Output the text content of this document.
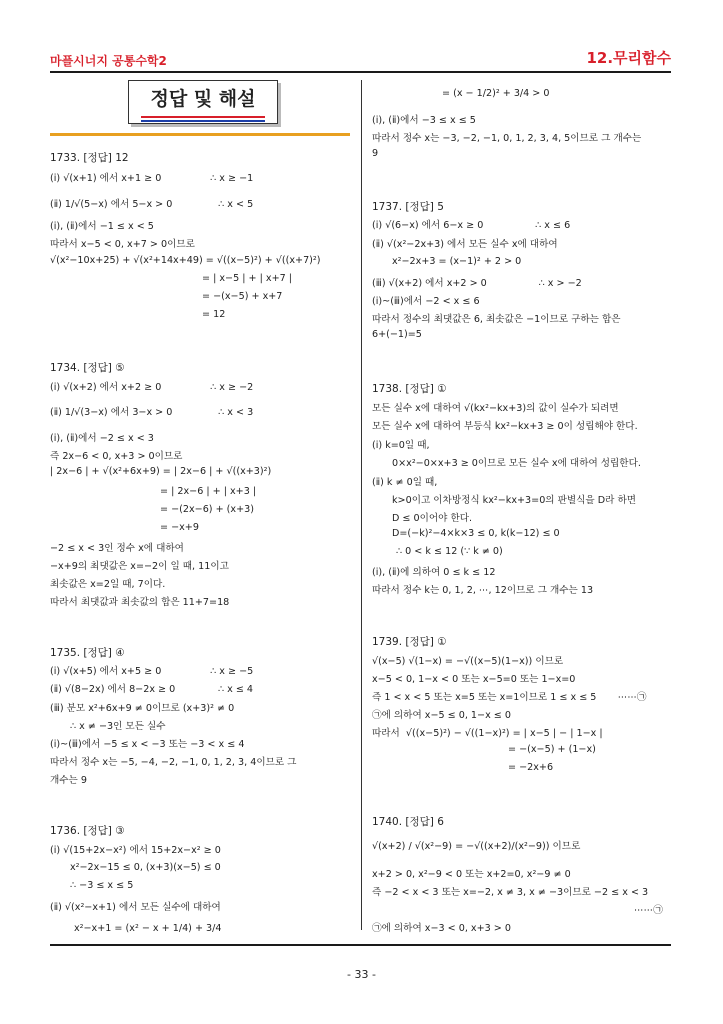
마플시너지 공통수학2	12.무리함수
정답 및 해설
1733. [정답] 12
(ⅰ) √(x+1) 에서 x+1 ≥ 0                ∴ x ≥ −1
(ⅱ) 1/√(5−x) 에서 5−x > 0               ∴ x < 5
(ⅰ), (ⅱ)에서 −1 ≤ x < 5
따라서 x−5 < 0, x+7 > 0이므로
√(x²−10x+25) + √(x²+14x+49) = √((x−5)²) + √((x+7)²)
= | x−5 | + | x+7 |
= −(x−5) + x+7
= 12
1734. [정답] ⑤
(ⅰ) √(x+2) 에서 x+2 ≥ 0                ∴ x ≥ −2
(ⅱ) 1/√(3−x) 에서 3−x > 0               ∴ x < 3
(ⅰ), (ⅱ)에서 −2 ≤ x < 3
즉 2x−6 < 0, x+3 > 0이므로
| 2x−6 | + √(x²+6x+9) = | 2x−6 | + √((x+3)²)
= | 2x−6 | + | x+3 |
= −(2x−6) + (x+3)
= −x+9
−2 ≤ x < 3인 정수 x에 대하여
−x+9의 최댓값은 x=−2이 일 때, 11이고
최솟값은 x=2일 때, 7이다.
따라서 최댓값과 최솟값의 합은 11+7=18
1735. [정답] ④
(ⅰ) √(x+5) 에서 x+5 ≥ 0                ∴ x ≥ −5
(ⅱ) √(8−2x) 에서 8−2x ≥ 0              ∴ x ≤ 4
(ⅲ) 분모 x²+6x+9 ≠ 0이므로 (x+3)² ≠ 0
∴ x ≠ −3인 모든 실수
(ⅰ)~(ⅲ)에서 −5 ≤ x < −3 또는 −3 < x ≤ 4
따라서 정수 x는 −5, −4, −2, −1, 0, 1, 2, 3, 4이므로 그
개수는 9
1736. [정답] ③
(ⅰ) √(15+2x−x²) 에서 15+2x−x² ≥ 0
x²−2x−15 ≤ 0, (x+3)(x−5) ≤ 0
∴ −3 ≤ x ≤ 5
(ⅱ) √(x²−x+1) 에서 모든 실수에 대하여
x²−x+1 = (x² − x + 1/4) + 3/4
= (x − 1/2)² + 3/4 > 0
(ⅰ), (ⅱ)에서 −3 ≤ x ≤ 5
따라서 정수 x는 −3, −2, −1, 0, 1, 2, 3, 4, 5이므로 그 개수는
9
1737. [정답] 5
(ⅰ) √(6−x) 에서 6−x ≥ 0                 ∴ x ≤ 6
(ⅱ) √(x²−2x+3) 에서 모든 실수 x에 대하여
x²−2x+3 = (x−1)² + 2 > 0
(ⅲ) √(x+2) 에서 x+2 > 0                 ∴ x > −2
(ⅰ)~(ⅲ)에서 −2 < x ≤ 6
따라서 정수의 최댓값은 6, 최솟값은 −1이므로 구하는 합은
6+(−1)=5
1738. [정답] ①
모든 실수 x에 대하여 √(kx²−kx+3)의 값이 실수가 되려면
모든 실수 x에 대하여 부등식 kx²−kx+3 ≥ 0이 성립해야 한다.
(ⅰ) k=0일 때,
0×x²−0×x+3 ≥ 0이므로 모든 실수 x에 대하여 성립한다.
(ⅱ) k ≠ 0일 때,
k>0이고 이차방정식 kx²−kx+3=0의 판별식을 D라 하면
D ≤ 0이어야 한다.
D=(−k)²−4×k×3 ≤ 0, k(k−12) ≤ 0
∴ 0 < k ≤ 12 (∵ k ≠ 0)
(ⅰ), (ⅱ)에 의하여 0 ≤ k ≤ 12
따라서 정수 k는 0, 1, 2, ⋯, 12이므로 그 개수는 13
1739. [정답] ①
√(x−5) √(1−x) = −√((x−5)(1−x)) 이므로
x−5 < 0, 1−x < 0 또는 x−5=0 또는 1−x=0
즉 1 < x < 5 또는 x=5 또는 x=1이므로 1 ≤ x ≤ 5       ⋯⋯㉠
㉠에 의하여 x−5 ≤ 0, 1−x ≤ 0
따라서  √((x−5)²) − √((1−x)²) = | x−5 | − | 1−x |
= −(x−5) + (1−x)
= −2x+6
1740. [정답] 6
√(x+2) / √(x²−9) = −√((x+2)/(x²−9)) 이므로
x+2 > 0, x²−9 < 0 또는 x+2=0, x²−9 ≠ 0
즉 −2 < x < 3 또는 x=−2, x ≠ 3, x ≠ −3이므로 −2 ≤ x < 3
⋯⋯㉠
㉠에 의하여 x−3 < 0, x+3 > 0
- 33 -
